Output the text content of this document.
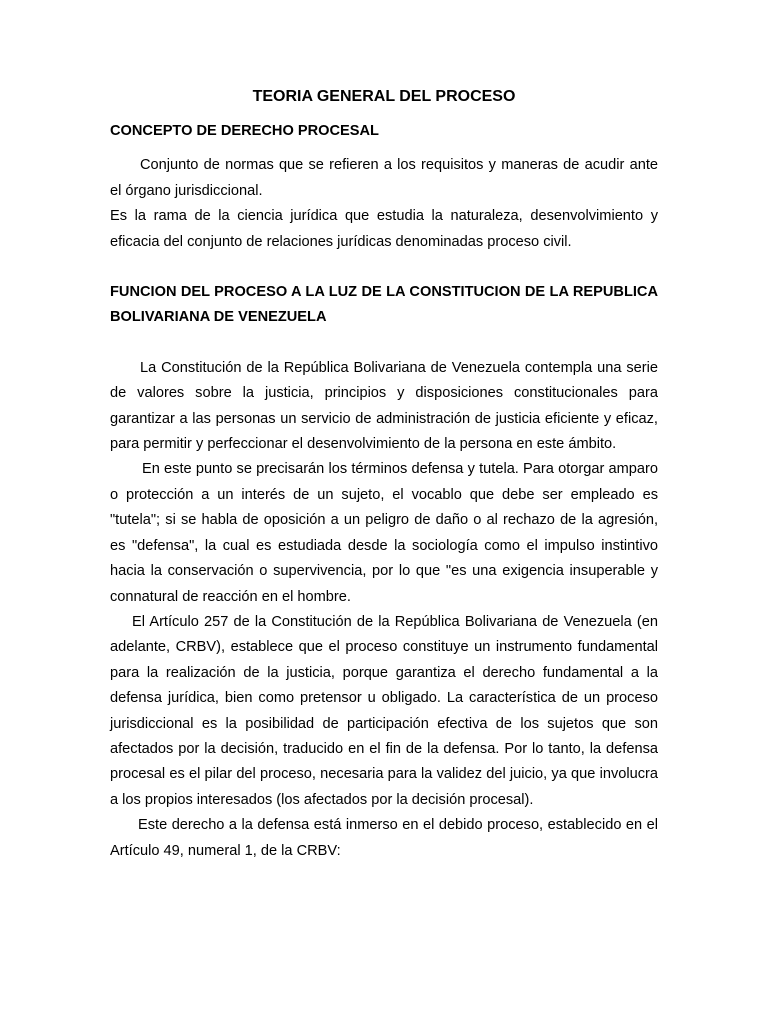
TEORIA GENERAL DEL PROCESO
CONCEPTO DE DERECHO PROCESAL

Conjunto de normas que se refieren a los requisitos y maneras de acudir ante el órgano jurisdiccional.

Es la rama de la ciencia jurídica que estudia la naturaleza, desenvolvimiento y eficacia del conjunto de relaciones jurídicas denominadas proceso civil.

FUNCION DEL PROCESO A LA LUZ DE LA CONSTITUCION DE LA REPUBLICA BOLIVARIANA DE VENEZUELA

La Constitución de la República Bolivariana de Venezuela contempla una serie de valores sobre la justicia, principios y disposiciones constitucionales para garantizar a las personas un servicio de administración de justicia eficiente y eficaz, para permitir y perfeccionar el desenvolvimiento de la persona en este ámbito.

En este punto se precisarán los términos defensa y tutela. Para otorgar amparo o protección a un interés de un sujeto, el vocablo que debe ser empleado es "tutela"; si se habla de oposición a un peligro de daño o al rechazo de la agresión, es "defensa", la cual es estudiada desde la sociología como el impulso instintivo hacia la conservación o supervivencia, por lo que "es una exigencia insuperable y connatural de reacción en el hombre.

El Artículo 257 de la Constitución de la República Bolivariana de Venezuela (en adelante, CRBV), establece que el proceso constituye un instrumento fundamental para la realización de la justicia, porque garantiza el derecho fundamental a la defensa jurídica, bien como pretensor u obligado. La característica de un proceso jurisdiccional es la posibilidad de participación efectiva de los sujetos que son afectados por la decisión, traducido en el fin de la defensa. Por lo tanto, la defensa procesal es el pilar del proceso, necesaria para la validez del juicio, ya que involucra a los propios interesados (los afectados por la decisión procesal).

Este derecho a la defensa está inmerso en el debido proceso, establecido en el Artículo 49, numeral 1, de la CRBV:
